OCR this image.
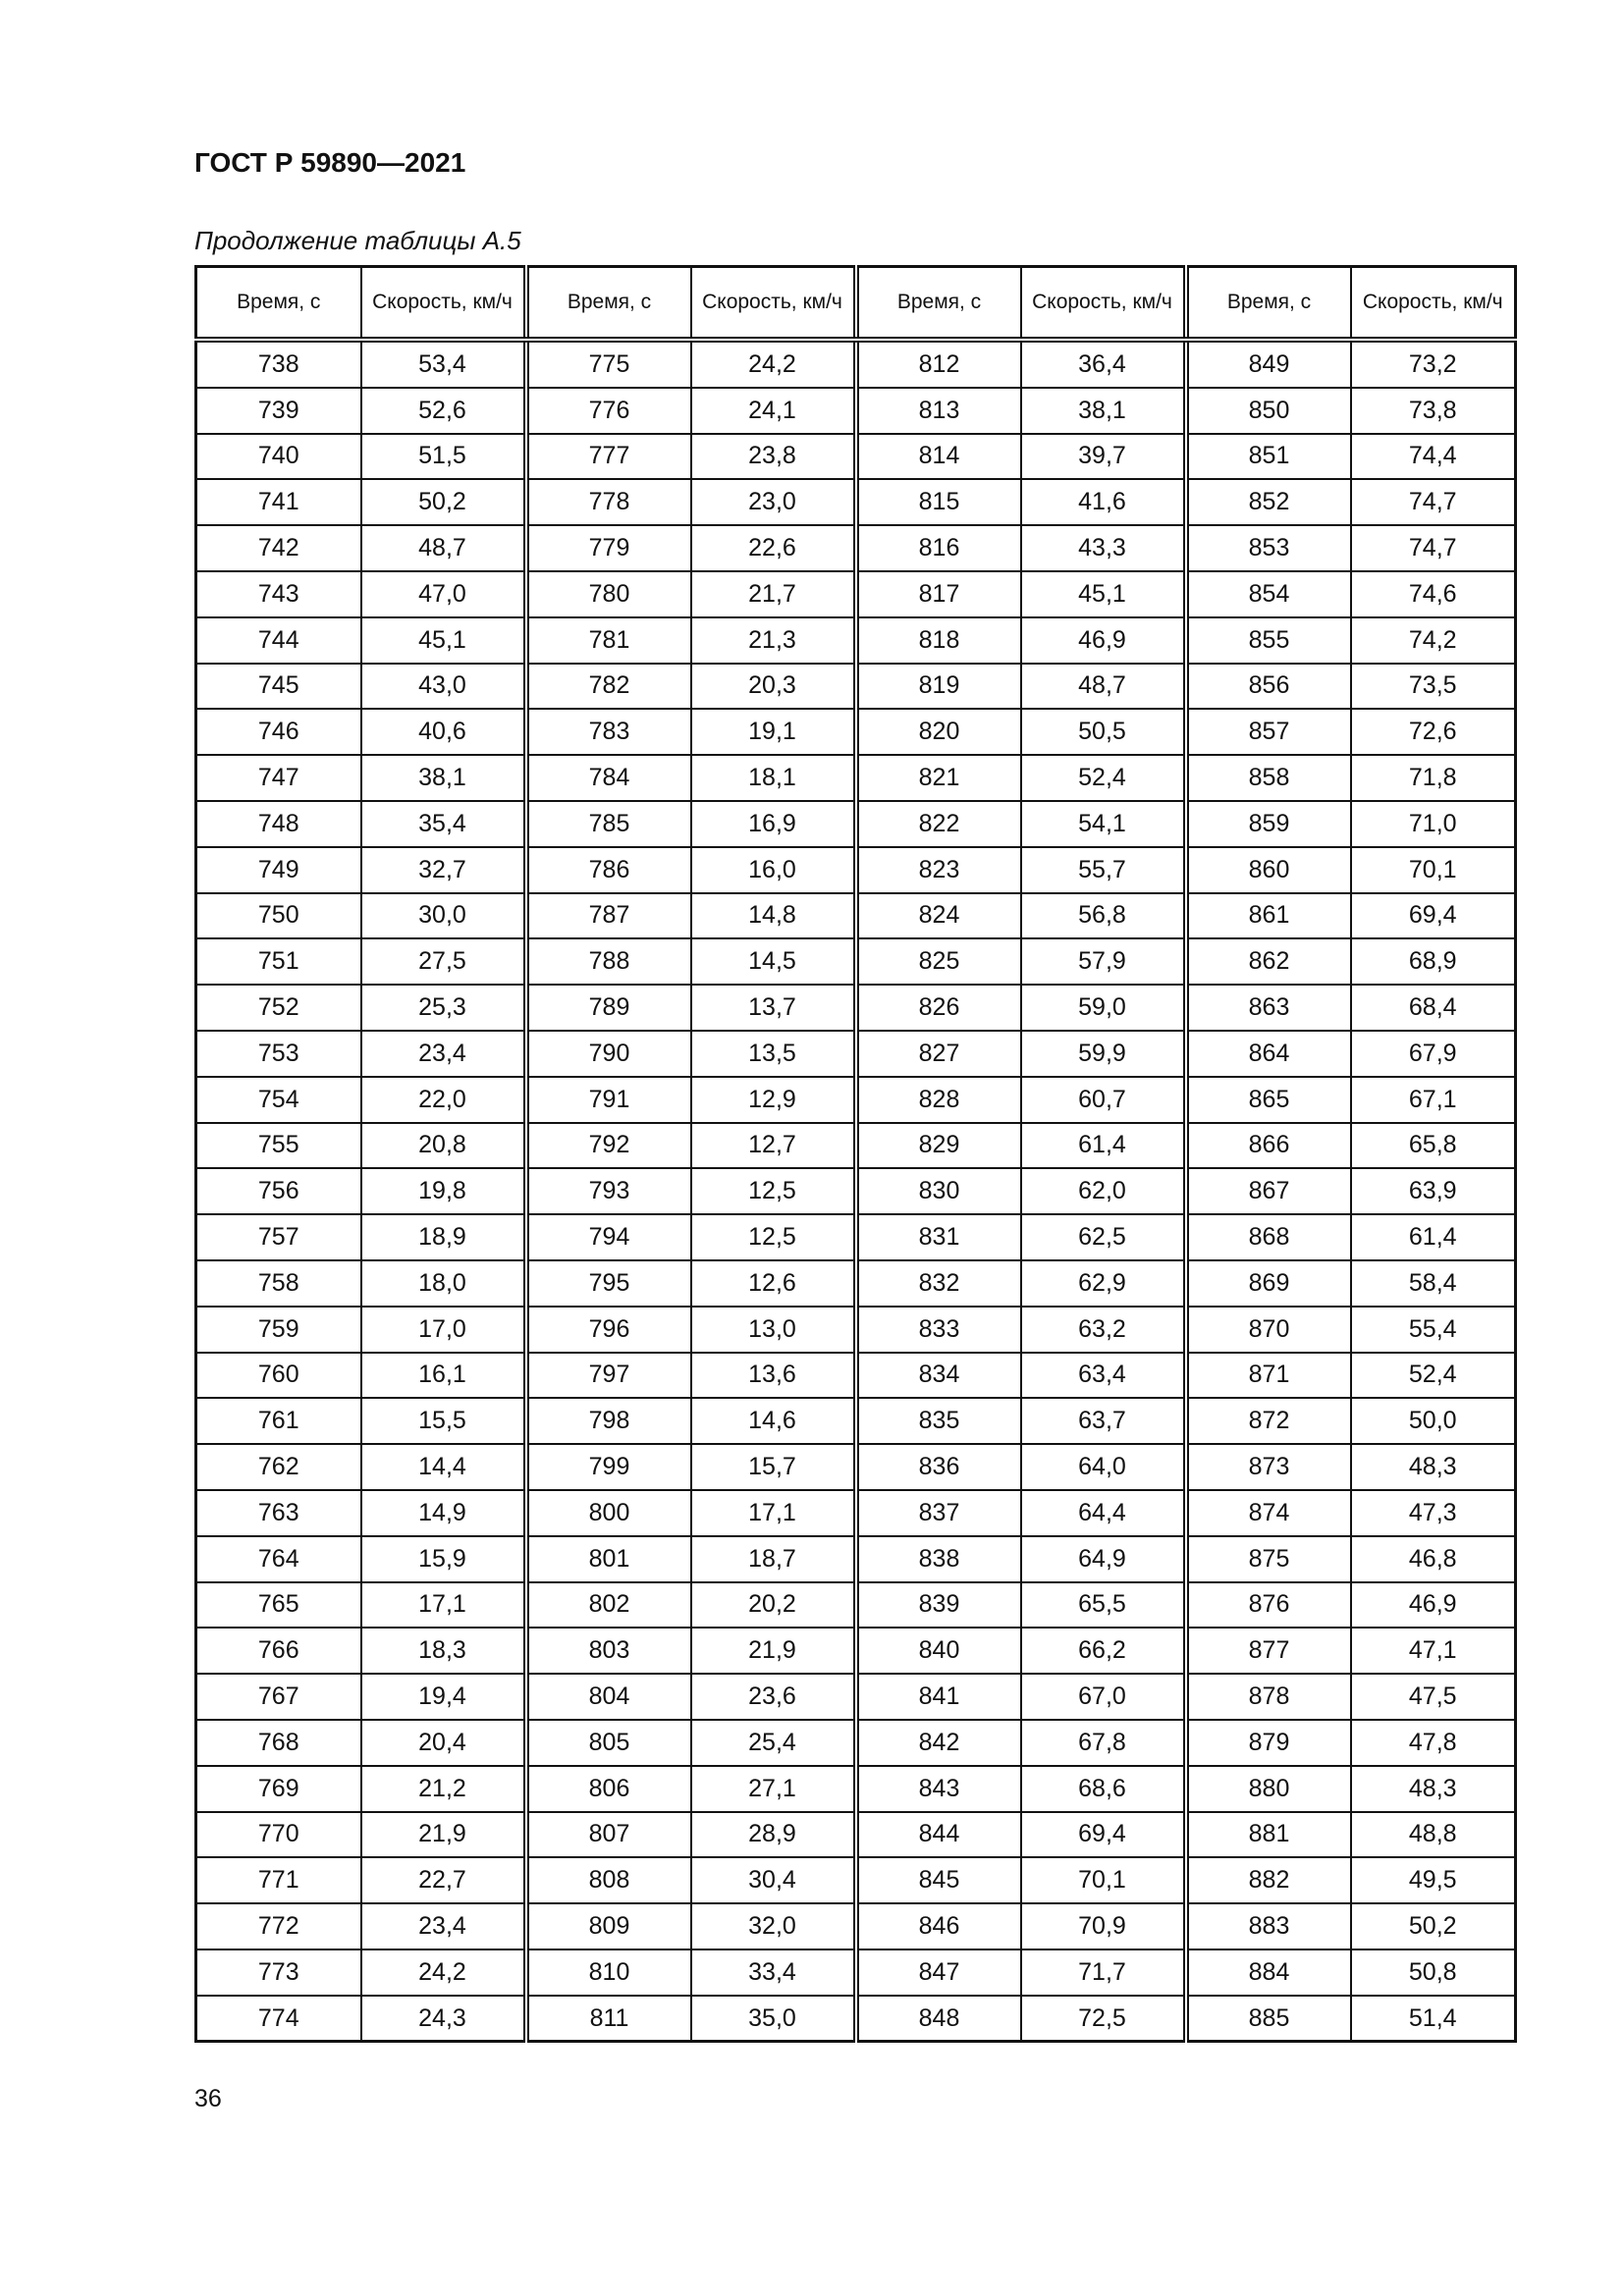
ГОСТ Р 59890—2021
Продолжение таблицы А.5
Время, с	Скорость, км/ч	Время, с	Скорость, км/ч	Время, с	Скорость, км/ч	Время, с	Скорость, км/ч
738	53,4	775	24,2	812	36,4	849	73,2
739	52,6	776	24,1	813	38,1	850	73,8
740	51,5	777	23,8	814	39,7	851	74,4
741	50,2	778	23,0	815	41,6	852	74,7
742	48,7	779	22,6	816	43,3	853	74,7
743	47,0	780	21,7	817	45,1	854	74,6
744	45,1	781	21,3	818	46,9	855	74,2
745	43,0	782	20,3	819	48,7	856	73,5
746	40,6	783	19,1	820	50,5	857	72,6
747	38,1	784	18,1	821	52,4	858	71,8
748	35,4	785	16,9	822	54,1	859	71,0
749	32,7	786	16,0	823	55,7	860	70,1
750	30,0	787	14,8	824	56,8	861	69,4
751	27,5	788	14,5	825	57,9	862	68,9
752	25,3	789	13,7	826	59,0	863	68,4
753	23,4	790	13,5	827	59,9	864	67,9
754	22,0	791	12,9	828	60,7	865	67,1
755	20,8	792	12,7	829	61,4	866	65,8
756	19,8	793	12,5	830	62,0	867	63,9
757	18,9	794	12,5	831	62,5	868	61,4
758	18,0	795	12,6	832	62,9	869	58,4
759	17,0	796	13,0	833	63,2	870	55,4
760	16,1	797	13,6	834	63,4	871	52,4
761	15,5	798	14,6	835	63,7	872	50,0
762	14,4	799	15,7	836	64,0	873	48,3
763	14,9	800	17,1	837	64,4	874	47,3
764	15,9	801	18,7	838	64,9	875	46,8
765	17,1	802	20,2	839	65,5	876	46,9
766	18,3	803	21,9	840	66,2	877	47,1
767	19,4	804	23,6	841	67,0	878	47,5
768	20,4	805	25,4	842	67,8	879	47,8
769	21,2	806	27,1	843	68,6	880	48,3
770	21,9	807	28,9	844	69,4	881	48,8
771	22,7	808	30,4	845	70,1	882	49,5
772	23,4	809	32,0	846	70,9	883	50,2
773	24,2	810	33,4	847	71,7	884	50,8
774	24,3	811	35,0	848	72,5	885	51,4
36
